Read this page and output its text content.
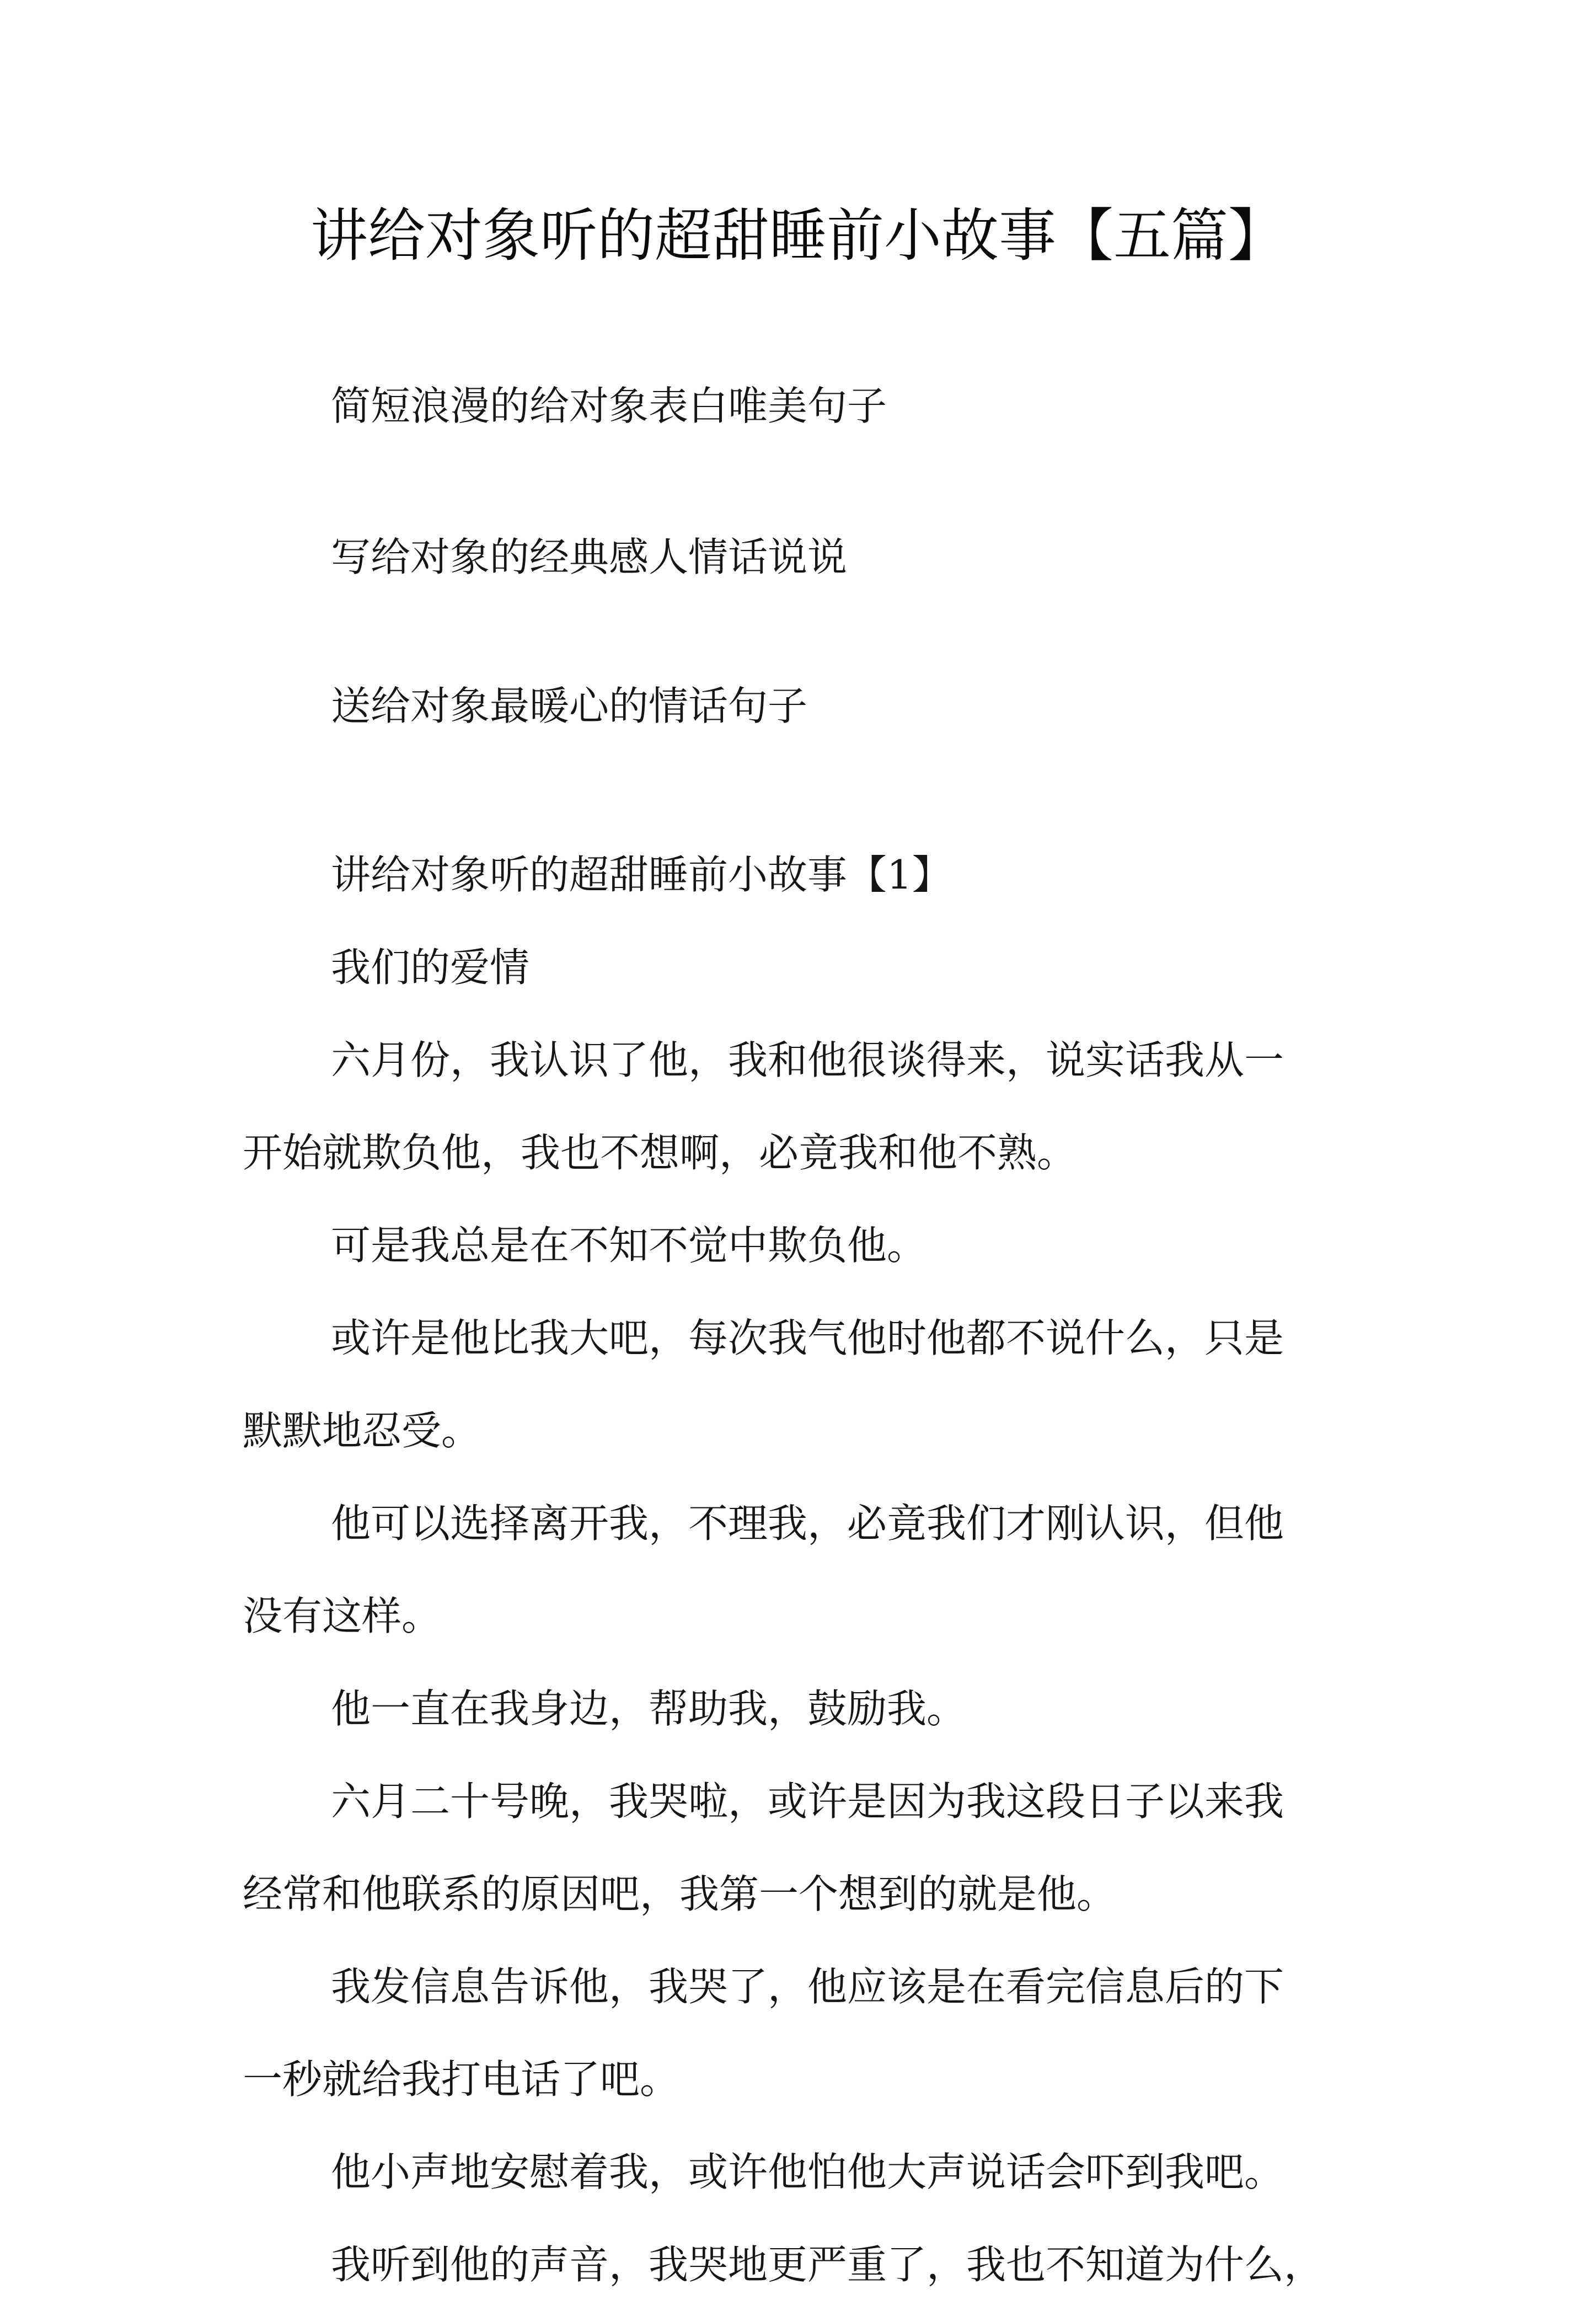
讲给对象听的超甜睡前小故事【五篇】

简短浪漫的给对象表白唯美句子

写给对象的经典感人情话说说

送给对象最暖心的情话句子

讲给对象听的超甜睡前小故事【1】

我们的爱情

六月份，我认识了他，我和他很谈得来，说实话我从一

开始就欺负他，我也不想啊，必竟我和他不熟。

可是我总是在不知不觉中欺负他。

或许是他比我大吧，每次我气他时他都不说什么，只是

默默地忍受。

他可以选择离开我，不理我，必竟我们才刚认识，但他

没有这样。

他一直在我身边，帮助我，鼓励我。

六月二十号晚，我哭啦，或许是因为我这段日子以来我

经常和他联系的原因吧，我第一个想到的就是他。

我发信息告诉他，我哭了，他应该是在看完信息后的下

一秒就给我打电话了吧。

他小声地安慰着我，或许他怕他大声说话会吓到我吧。

我听到他的声音，我哭地更严重了，我也不知道为什么，
